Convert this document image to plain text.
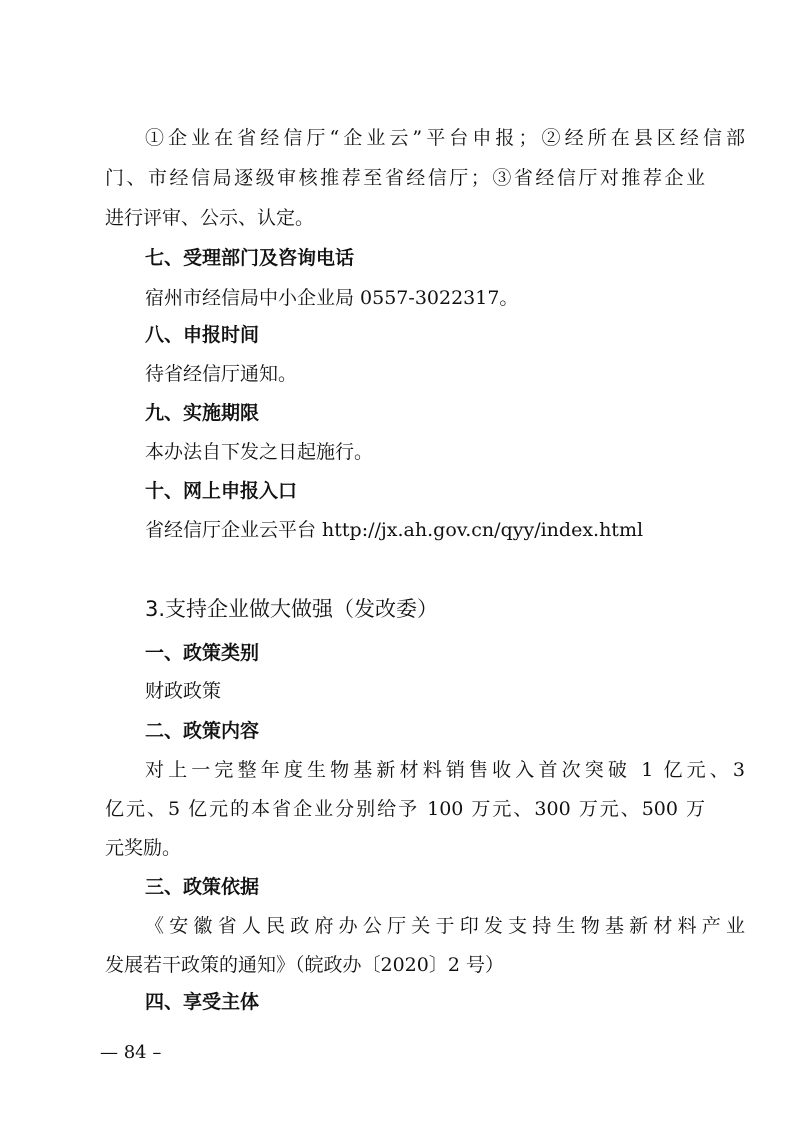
①企业在省经信厅“企业云”平台申报；②经所在县区经信部
门、市经信局逐级审核推荐至省经信厅；③省经信厅对推荐企业
进行评审、公示、认定。
七、受理部门及咨询电话
宿州市经信局中小企业局 0557-3022317。
八、申报时间
待省经信厅通知。
九、实施期限
本办法自下发之日起施行。
十、网上申报入口
省经信厅企业云平台 http://jx.ah.gov.cn/qyy/index.html
3.支持企业做大做强（发改委）
一、政策类别
财政政策
二、政策内容
对上一完整年度生物基新材料销售收入首次突破 1 亿元、3
亿元、5 亿元的本省企业分别给予 100 万元、300 万元、500 万
元奖励。
三、政策依据
《安徽省人民政府办公厅关于印发支持生物基新材料产业
发展若干政策的通知》（皖政办〔2020〕2 号）
四、享受主体
— 84 –
